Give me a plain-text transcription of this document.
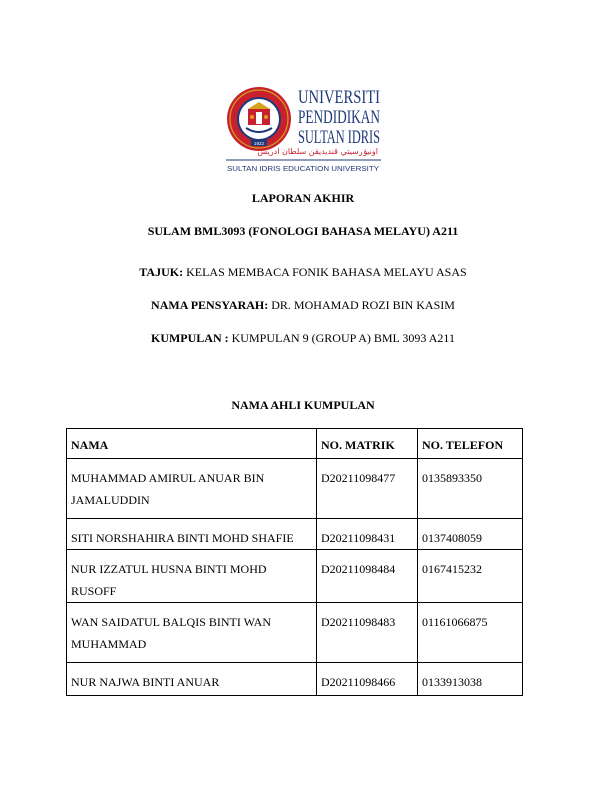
1922
UNIVERSITI
PENDIDIKAN
SULTAN IDRIS
اونيۏرسيتي ڤنديديقن سلطان ادريس
SULTAN IDRIS EDUCATION UNIVERSITY
LAPORAN AKHIR
SULAM BML3093 (FONOLOGI BAHASA MELAYU) A211
TAJUK: KELAS MEMBACA FONIK BAHASA MELAYU ASAS
NAMA PENSYARAH: DR. MOHAMAD ROZI BIN KASIM
KUMPULAN : KUMPULAN 9 (GROUP A) BML 3093 A211
NAMA AHLI KUMPULAN
NAMA	NO. MATRIK	NO. TELEFON
MUHAMMAD AMIRUL ANUAR BIN JAMALUDDIN	D20211098477	0135893350
SITI NORSHAHIRA BINTI MOHD SHAFIE	D20211098431	0137408059
NUR IZZATUL HUSNA BINTI MOHD RUSOFF	D20211098484	0167415232
WAN SAIDATUL BALQIS BINTI WAN MUHAMMAD	D20211098483	01161066875
NUR NAJWA BINTI ANUAR	D20211098466	0133913038
